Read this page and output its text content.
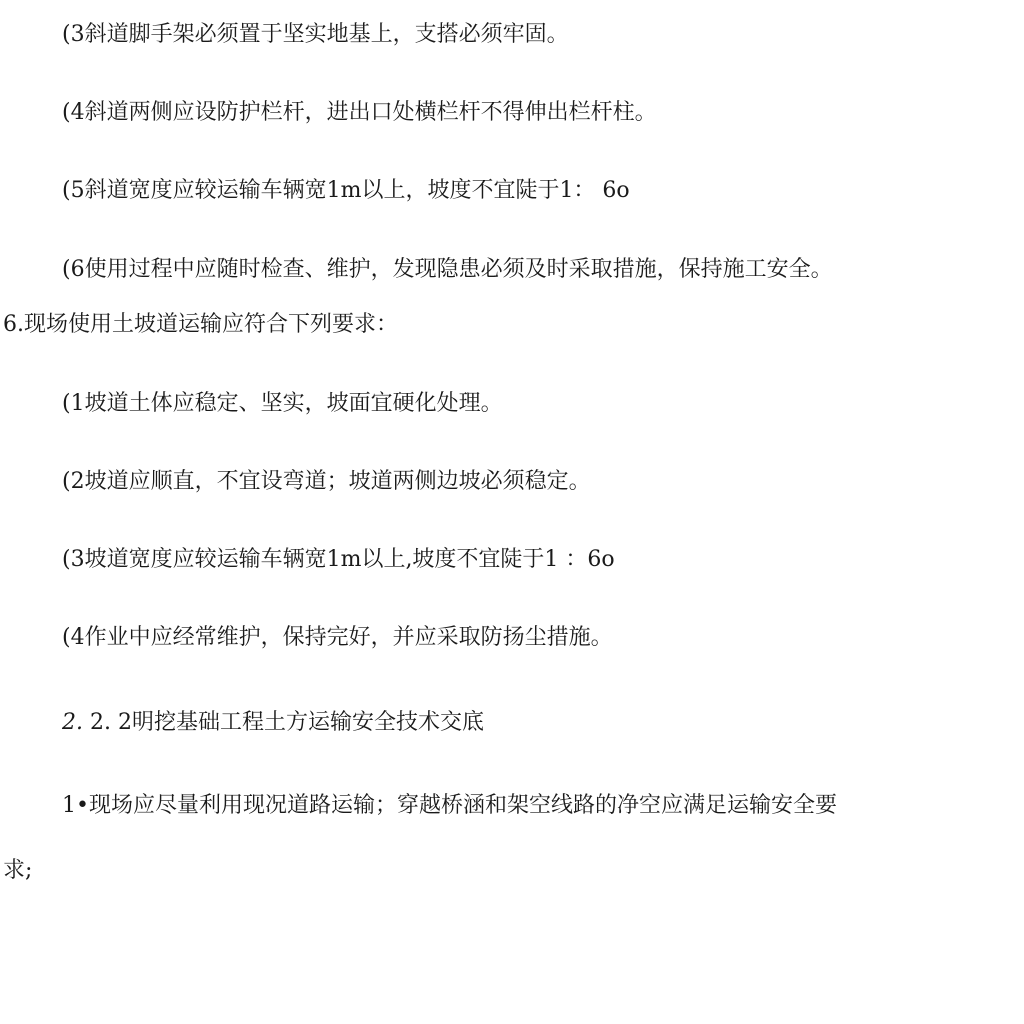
(3斜道脚手架必须置于坚实地基上，支搭必须牢固。
(4斜道两侧应设防护栏杆，进出口处横栏杆不得伸出栏杆柱。
(5斜道宽度应较运输车辆宽1m以上，坡度不宜陡于1： 6o
(6使用过程中应随时检查、维护，发现隐患必须及时采取措施，保持施工安全。
6.现场使用土坡道运输应符合下列要求：
(1坡道土体应稳定、坚实，坡面宜硬化处理。
(2坡道应顺直，不宜设弯道；坡道两侧边坡必须稳定。
(3坡道宽度应较运输车辆宽1m以上,坡度不宜陡于1 ：6o
(4作业中应经常维护，保持完好，并应采取防扬尘措施。
2. 2. 2明挖基础工程土方运输安全技术交底
1•现场应尽量利用现况道路运输；穿越桥涵和架空线路的净空应满足运输安全要
求;
